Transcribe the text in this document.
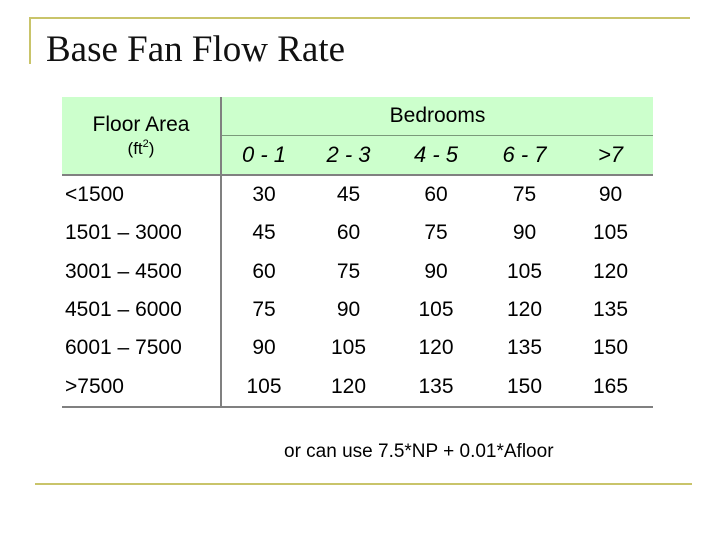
Base Fan Flow Rate
Floor Area
$(ft^2)$	Bedrooms				
	0 - 1	2 - 3	4 - 5	6 - 7	>7
<1500	30	45	60	75	90
1501 – 3000	45	60	75	90	105
3001 – 4500	60	75	90	105	120
4501 – 6000	75	90	105	120	135
6001 – 7500	90	105	120	135	150
>7500	105	120	135	150	165
or can use 7.5*NP + 0.01*Afloor
